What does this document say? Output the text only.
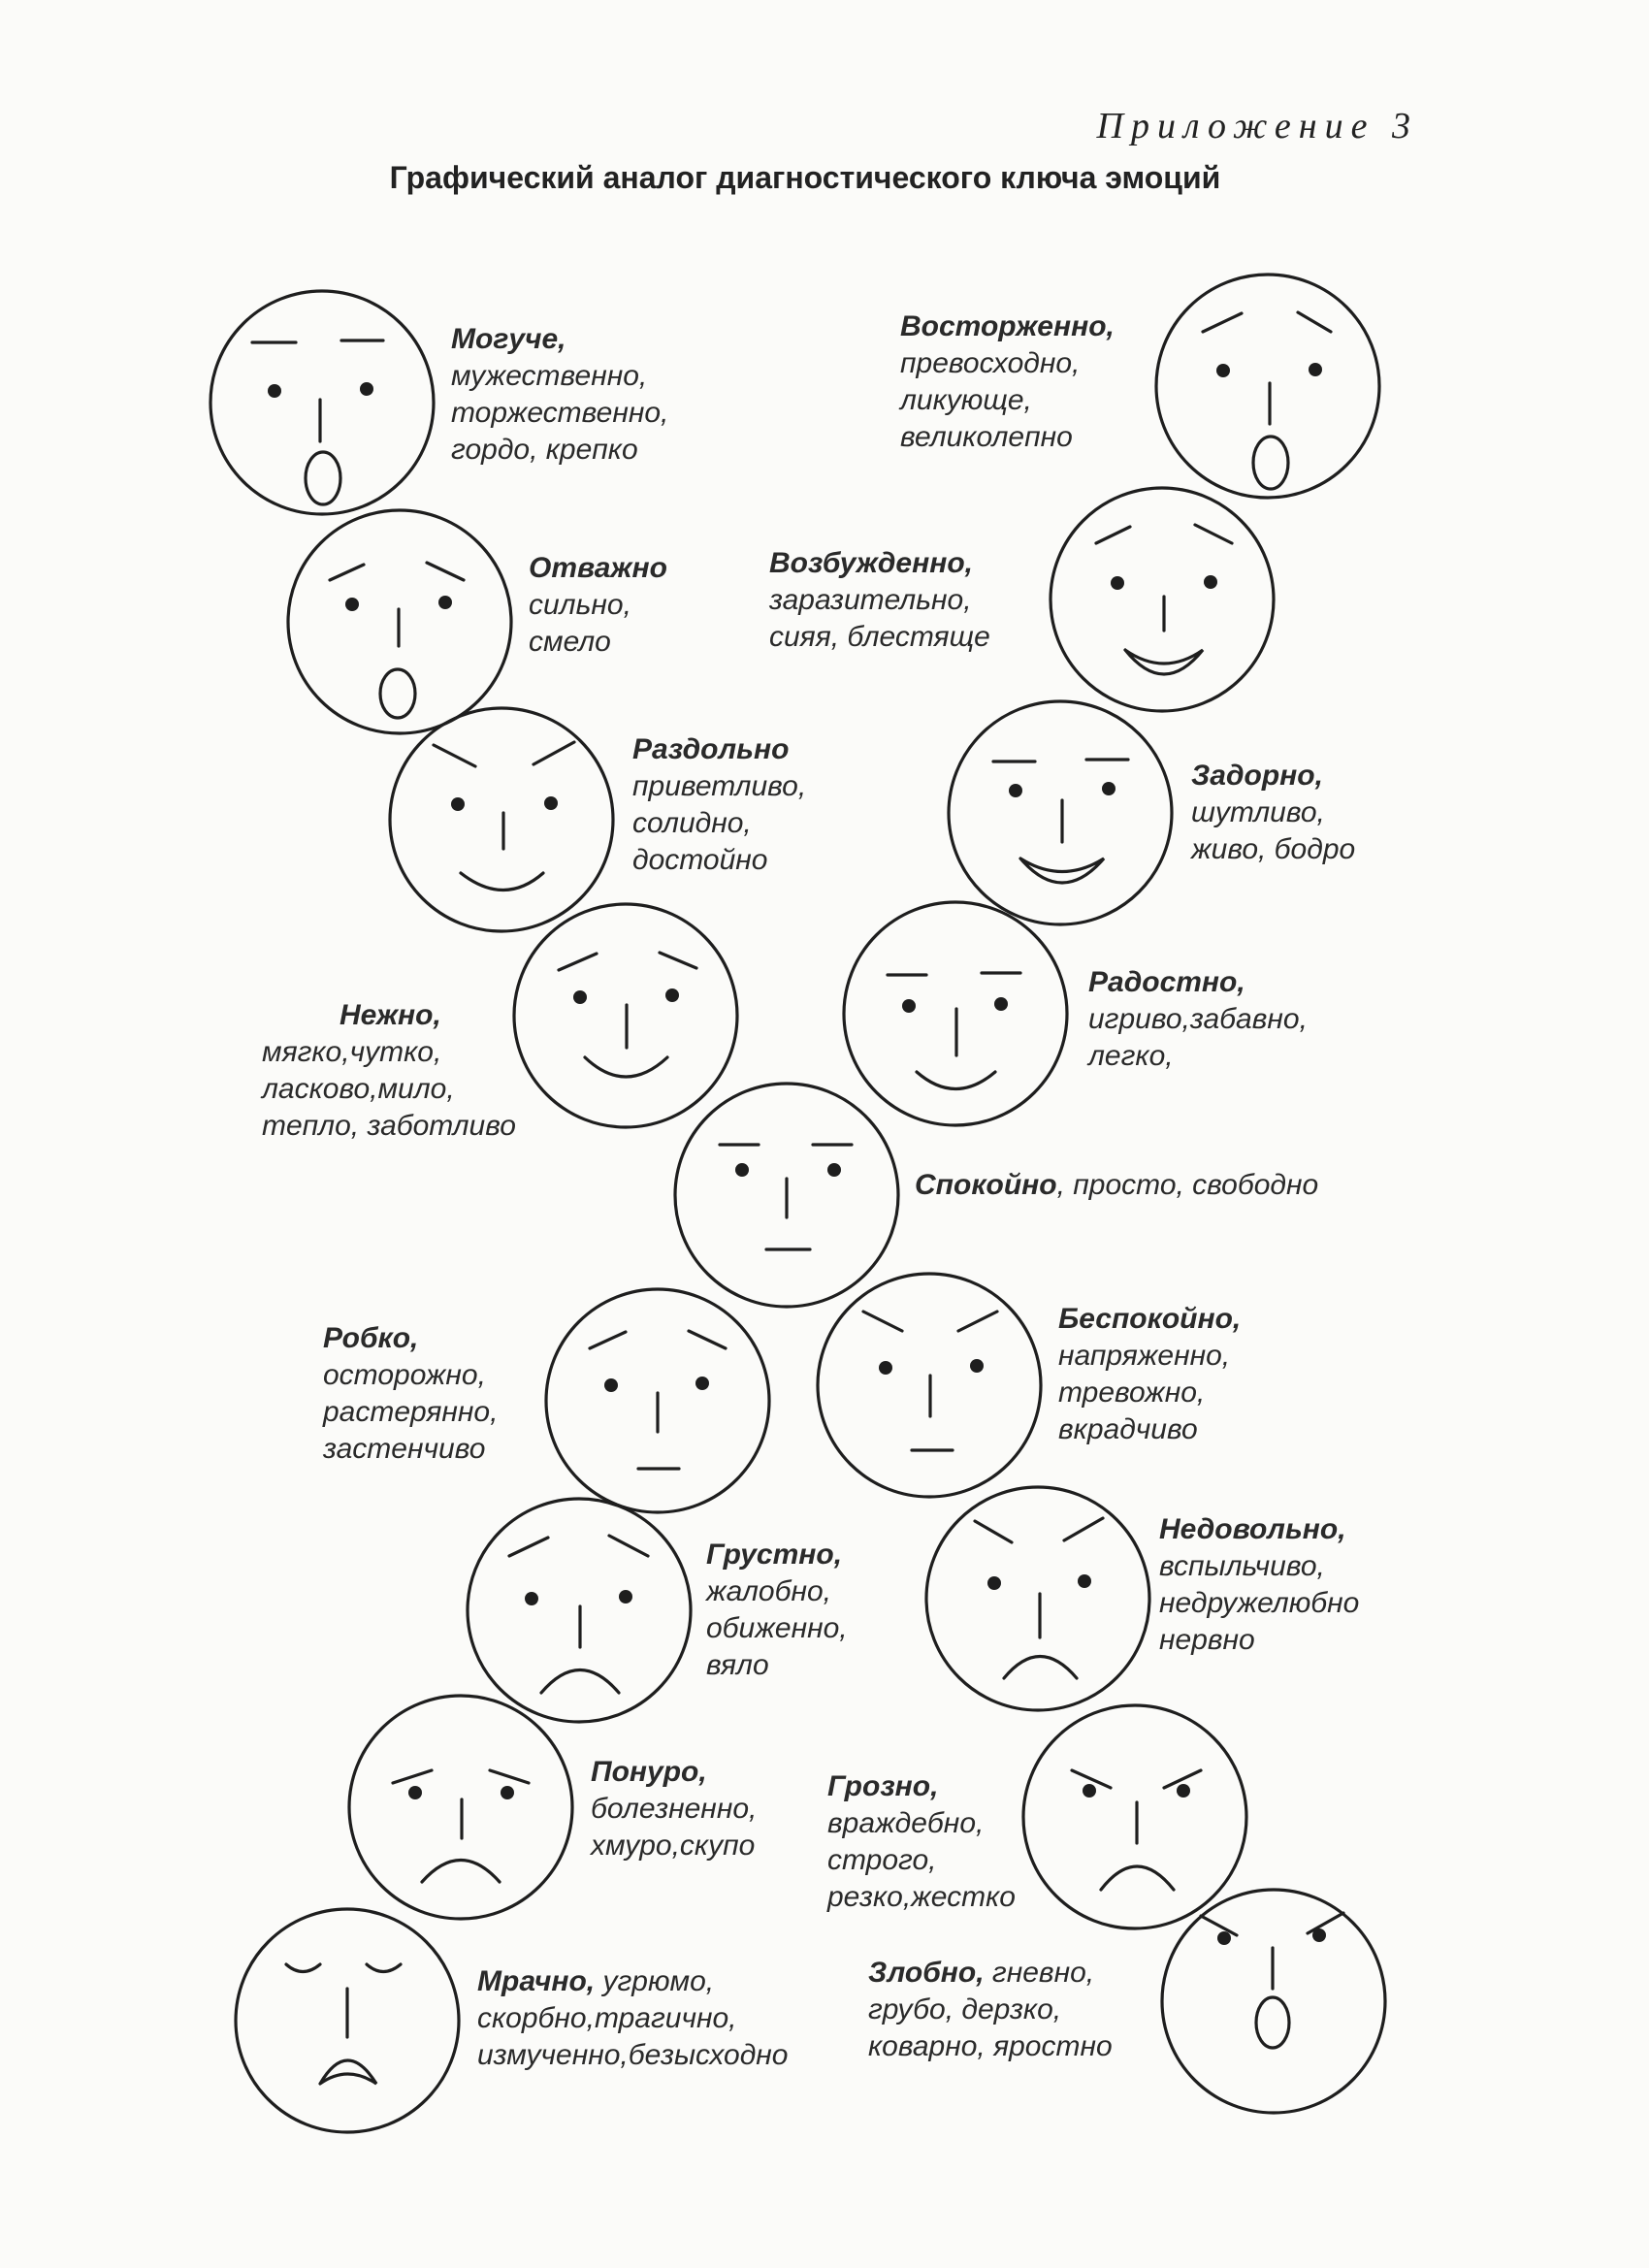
Приложение 3
Графический аналог диагностического ключа эмоций
Могуче,
мужественно,
торжественно,
гордо, крепко
Восторженно,
превосходно,
ликующе,
великолепно
Отважно
сильно,
смело
Возбужденно,
заразительно,
сияя, блестяще
Раздольно
приветливо,
солидно,
достойно
Задорно,
шутливо,
живо, бодро
Нежно,
мягко,чутко,
ласково,мило,
тепло, заботливо
Радостно,
игриво,забавно,
легко,
Спокойно, просто, свободно
Робко,
осторожно,
растерянно,
застенчиво
Беспокойно,
напряженно,
тревожно,
вкрадчиво
Грустно,
жалобно,
обиженно,
вяло
Недовольно,
вспыльчиво,
недружелюбно
нервно
Понуро,
болезненно,
хмуро,скупо
Грозно,
враждебно,
строго,
резко,жестко
Мрачно, угрюмо,
скорбно,трагично,
измученно,безысходно
Злобно, гневно,
грубо, дерзко,
коварно, яростно
